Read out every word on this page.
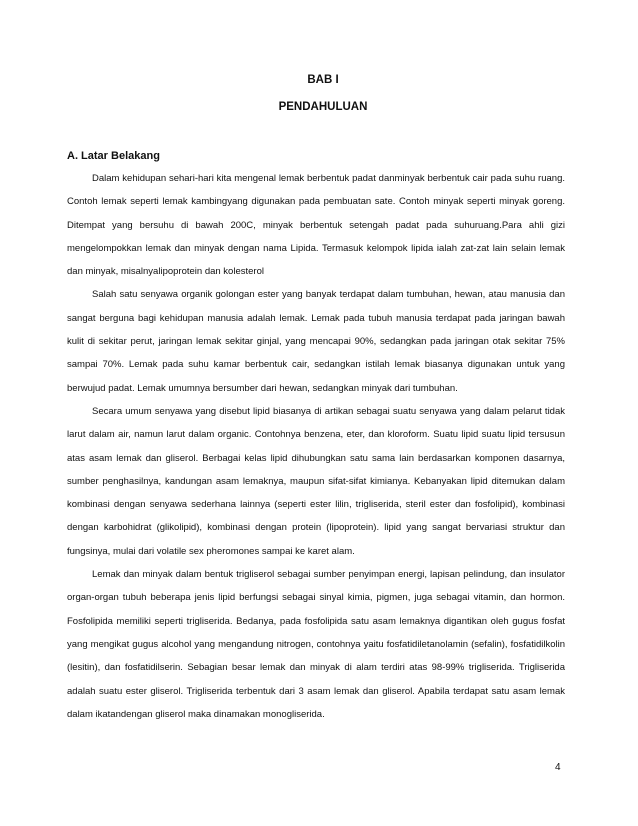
BAB I
PENDAHULUAN
A. Latar Belakang

Dalam kehidupan sehari-hari kita mengenal lemak berbentuk padat danminyak berbentuk cair pada suhu ruang. Contoh lemak seperti lemak kambingyang digunakan pada pembuatan sate. Contoh minyak seperti minyak goreng. Ditempat yang bersuhu di bawah 200C, minyak berbentuk setengah padat pada suhuruang.Para ahli gizi mengelompokkan lemak dan minyak dengan nama Lipida. Termasuk kelompok lipida ialah zat-zat lain selain lemak dan minyak, misalnyalipoprotein dan kolesterol

Salah satu senyawa organik golongan ester yang banyak terdapat dalam tumbuhan, hewan, atau manusia dan sangat berguna bagi kehidupan manusia adalah lemak. Lemak pada tubuh manusia terdapat pada jaringan bawah kulit di sekitar perut, jaringan lemak sekitar ginjal, yang mencapai 90%, sedangkan pada jaringan otak sekitar 75% sampai 70%. Lemak pada suhu kamar berbentuk cair, sedangkan istilah lemak biasanya digunakan untuk yang berwujud padat. Lemak umumnya bersumber dari hewan, sedangkan minyak dari tumbuhan.

Secara umum senyawa yang disebut lipid biasanya di artikan sebagai suatu senyawa yang dalam pelarut tidak larut dalam air, namun larut dalam organic. Contohnya benzena, eter, dan kloroform. Suatu lipid suatu lipid tersusun atas asam lemak dan gliserol. Berbagai kelas lipid dihubungkan satu sama lain berdasarkan komponen dasarnya, sumber penghasilnya, kandungan asam lemaknya, maupun sifat-sifat kimianya. Kebanyakan lipid ditemukan dalam kombinasi dengan senyawa sederhana lainnya (seperti ester lilin, trigliserida, steril ester dan fosfolipid), kombinasi dengan karbohidrat (glikolipid), kombinasi dengan protein (lipoprotein). lipid yang sangat bervariasi struktur dan fungsinya, mulai dari volatile sex pheromones sampai ke karet alam.

Lemak dan minyak dalam bentuk trigliserol sebagai sumber penyimpan energi, lapisan pelindung, dan insulator organ-organ tubuh beberapa jenis lipid berfungsi sebagai sinyal kimia, pigmen, juga sebagai vitamin, dan hormon. Fosfolipida memiliki seperti trigliserida. Bedanya, pada fosfolipida satu asam lemaknya digantikan oleh gugus fosfat yang mengikat gugus alcohol yang mengandung nitrogen, contohnya yaitu fosfatidiletanolamin (sefalin), fosfatidilkolin (lesitin), dan fosfatidilserin. Sebagian besar lemak dan minyak di alam terdiri atas 98-99% trigliserida. Trigliserida adalah suatu ester gliserol. Trigliserida terbentuk dari 3 asam lemak dan gliserol. Apabila terdapat satu asam lemak dalam ikatandengan gliserol maka dinamakan monogliserida.

4
